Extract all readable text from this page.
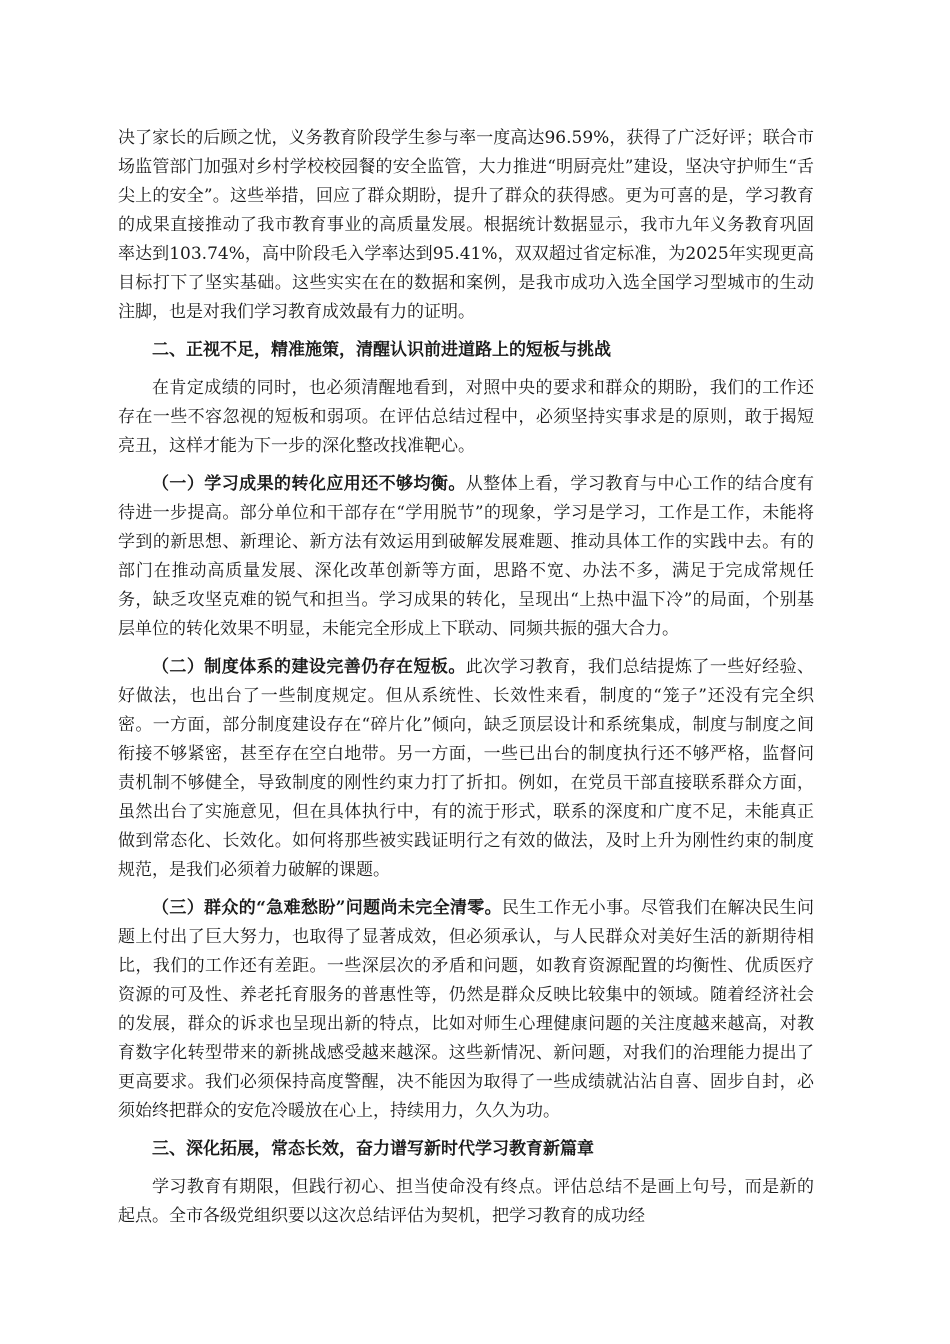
决了家长的后顾之忧，义务教育阶段学生参与率一度高达96.59%，获得了广泛好评；联合市场监管部门加强对乡村学校校园餐的安全监管，大力推进“明厨亮灶”建设，坚决守护师生“舌尖上的安全”。这些举措，回应了群众期盼，提升了群众的获得感。更为可喜的是，学习教育的成果直接推动了我市教育事业的高质量发展。根据统计数据显示，我市九年义务教育巩固率达到103.74%，高中阶段毛入学率达到95.41%，双双超过省定标准，为2025年实现更高目标打下了坚实基础。这些实实在在的数据和案例，是我市成功入选全国学习型城市的生动注脚，也是对我们学习教育成效最有力的证明。

二、正视不足，精准施策，清醒认识前进道路上的短板与挑战

在肯定成绩的同时，也必须清醒地看到，对照中央的要求和群众的期盼，我们的工作还存在一些不容忽视的短板和弱项。在评估总结过程中，必须坚持实事求是的原则，敢于揭短亮丑，这样才能为下一步的深化整改找准靶心。

（一）学习成果的转化应用还不够均衡。从整体上看，学习教育与中心工作的结合度有待进一步提高。部分单位和干部存在“学用脱节”的现象，学习是学习，工作是工作，未能将学到的新思想、新理论、新方法有效运用到破解发展难题、推动具体工作的实践中去。有的部门在推动高质量发展、深化改革创新等方面，思路不宽、办法不多，满足于完成常规任务，缺乏攻坚克难的锐气和担当。学习成果的转化，呈现出“上热中温下冷”的局面，个别基层单位的转化效果不明显，未能完全形成上下联动、同频共振的强大合力。

（二）制度体系的建设完善仍存在短板。此次学习教育，我们总结提炼了一些好经验、好做法，也出台了一些制度规定。但从系统性、长效性来看，制度的“笼子”还没有完全织密。一方面，部分制度建设存在“碎片化”倾向，缺乏顶层设计和系统集成，制度与制度之间衔接不够紧密，甚至存在空白地带。另一方面，一些已出台的制度执行还不够严格，监督问责机制不够健全，导致制度的刚性约束力打了折扣。例如，在党员干部直接联系群众方面，虽然出台了实施意见，但在具体执行中，有的流于形式，联系的深度和广度不足，未能真正做到常态化、长效化。如何将那些被实践证明行之有效的做法，及时上升为刚性约束的制度规范，是我们必须着力破解的课题。

（三）群众的“急难愁盼”问题尚未完全清零。民生工作无小事。尽管我们在解决民生问题上付出了巨大努力，也取得了显著成效，但必须承认，与人民群众对美好生活的新期待相比，我们的工作还有差距。一些深层次的矛盾和问题，如教育资源配置的均衡性、优质医疗资源的可及性、养老托育服务的普惠性等，仍然是群众反映比较集中的领域。随着经济社会的发展，群众的诉求也呈现出新的特点，比如对师生心理健康问题的关注度越来越高，对教育数字化转型带来的新挑战感受越来越深。这些新情况、新问题，对我们的治理能力提出了更高要求。我们必须保持高度警醒，决不能因为取得了一些成绩就沾沾自喜、固步自封，必须始终把群众的安危冷暖放在心上，持续用力，久久为功。

三、深化拓展，常态长效，奋力谱写新时代学习教育新篇章

学习教育有期限，但践行初心、担当使命没有终点。评估总结不是画上句号，而是新的起点。全市各级党组织要以这次总结评估为契机，把学习教育的成功经
